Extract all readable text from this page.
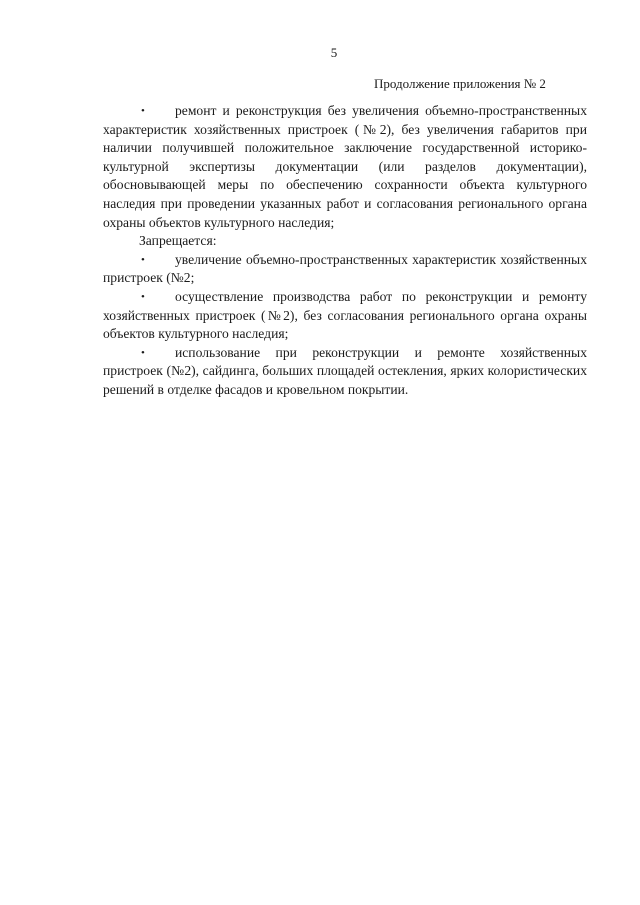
5
Продолжение приложения № 2

• ремонт и реконструкция без увеличения объемно-пространственных характеристик хозяйственных пристроек (№2), без увеличения габаритов при наличии получившей положительное заключение государственной историко-культурной экспертизы документации (или разделов документации), обосновывающей меры по обеспечению сохранности объекта культурного наследия при проведении указанных работ и согласования регионального органа охраны объектов культурного наследия;

Запрещается:

• увеличение объемно-пространственных характеристик хозяйственных пристроек (№2;

• осуществление производства работ по реконструкции и ремонту хозяйственных пристроек (№2), без согласования регионального органа охраны объектов культурного наследия;

• использование при реконструкции и ремонте хозяйственных пристроек (№2), сайдинга, больших площадей остекления, ярких колористических решений в отделке фасадов и кровельном покрытии.
